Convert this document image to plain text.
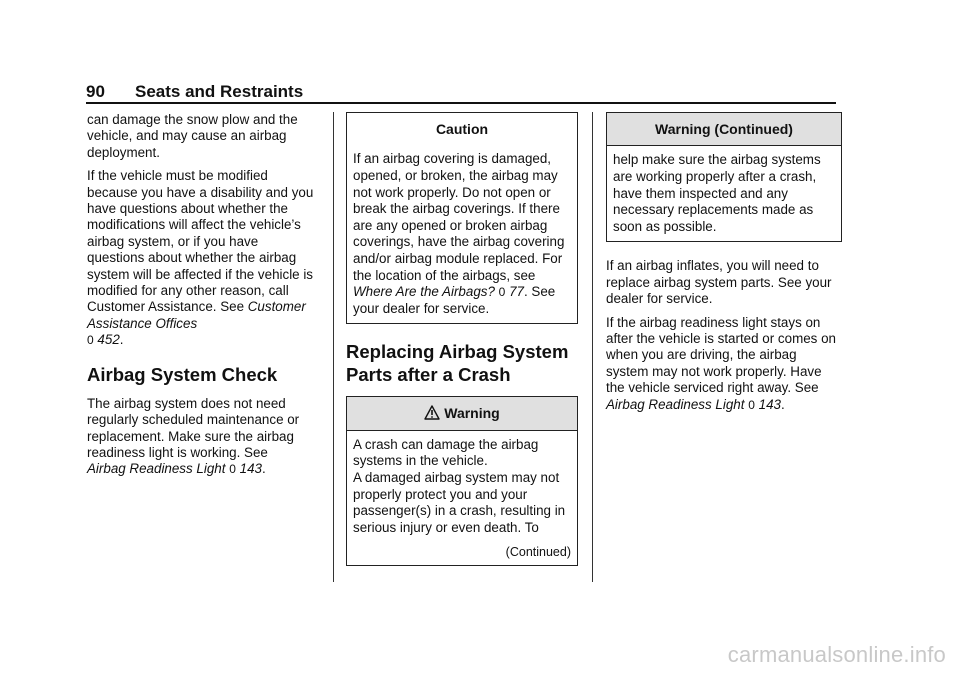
90 Seats and Restraints

can damage the snow plow and the vehicle, and may cause an airbag deployment.

If the vehicle must be modified because you have a disability and you have questions about whether the modifications will affect the vehicle’s airbag system, or if you have questions about whether the airbag system will be affected if the vehicle is modified for any other reason, call Customer Assistance. See Customer Assistance Offices
0 452.

Airbag System Check

The airbag system does not need regularly scheduled maintenance or replacement. Make sure the airbag readiness light is working. See
Airbag Readiness Light 0 143.

Caution
If an airbag covering is damaged, opened, or broken, the airbag may not work properly. Do not open or break the airbag coverings. If there are any opened or broken airbag coverings, have the airbag covering and/or airbag module replaced. For the location of the airbags, see Where Are the Airbags? 0 77. See your dealer for service.
Replacing Airbag System Parts after a Crash
Warning

A crash can damage the airbag systems in the vehicle.

A damaged airbag system may not properly protect you and your passenger(s) in a crash, resulting in serious injury or even death. To

(Continued)
Warning (Continued)
help make sure the airbag systems are working properly after a crash, have them inspected and any necessary replacements made as soon as possible.

If an airbag inflates, you will need to replace airbag system parts. See your dealer for service.

If the airbag readiness light stays on after the vehicle is started or comes on when you are driving, the airbag system may not work properly. Have the vehicle serviced right away. See
Airbag Readiness Light 0 143.

carmanualsonline.info
